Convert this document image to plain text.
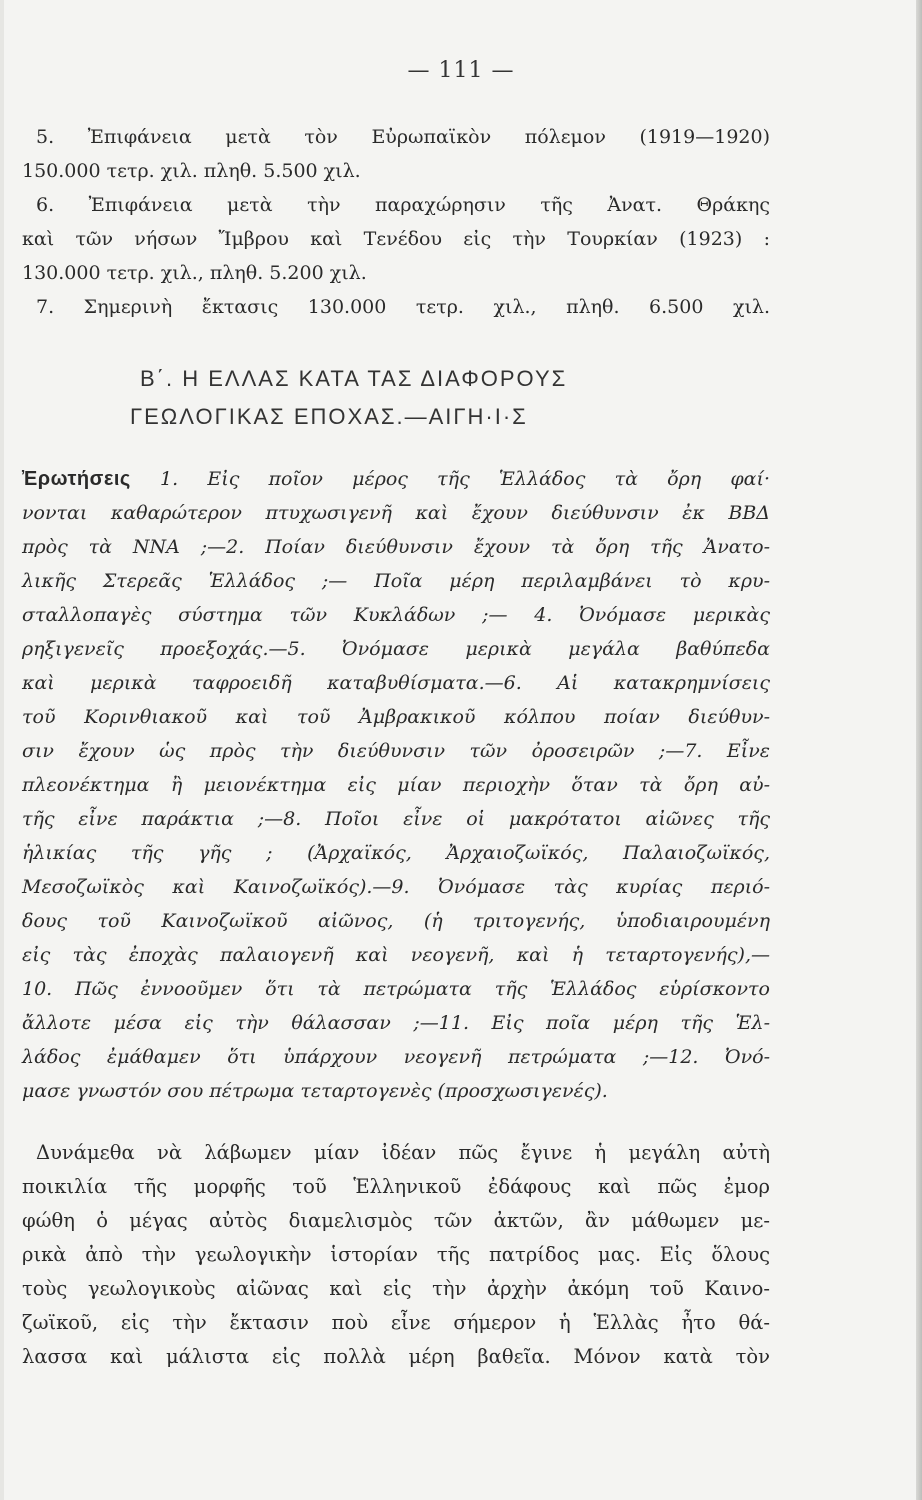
— 111 —
5. Ἐπιφάνεια μετὰ τὸν Εὐρωπαϊκὸν πόλεμον (1919—1920)
150.000 τετρ. χιλ. πληθ. 5.500 χιλ.
6. Ἐπιφάνεια μετὰ τὴν παραχώρησιν τῆς Ἀνατ. Θράκης
καὶ τῶν νήσων Ἴμβρου καὶ Τενέδου εἰς τὴν Τουρκίαν (1923) :
130.000 τετρ. χιλ., πληθ. 5.200 χιλ.
7. Σημερινὴ ἔκτασις 130.000 τετρ. χιλ., πληθ. 6.500 χιλ.
Β΄. Η ΕΛΛΑΣ ΚΑΤΑ ΤΑΣ ΔΙΑΦΟΡΟΥΣ
ΓΕΩΛΟΓΙΚΑΣ ΕΠΟΧΑΣ.—ΑΙΓΗ·Ι·Σ
Ἐρωτήσεις 1. Εἰς ποῖον μέρος τῆς Ἑλλάδος τὰ ὄρη φαί·
νονται καθαρώτερον πτυχωσιγενῆ καὶ ἔχουν διεύθυνσιν ἐκ ΒΒΔ
πρὸς τὰ ΝΝΑ ;—2. Ποίαν διεύθυνσιν ἔχουν τὰ ὄρη τῆς Ἀνατο-
λικῆς Στερεᾶς Ἑλλάδος ;— Ποῖα μέρη περιλαμβάνει τὸ κρυ-
σταλλοπαγὲς σύστημα τῶν Κυκλάδων ;— 4. Ὀνόμασε μερικὰς
ρηξιγενεῖς προεξοχάς.—5. Ὀνόμασε μερικὰ μεγάλα βαθύπεδα
καὶ μερικὰ ταφροειδῆ καταβυθίσματα.—6. Αἱ κατακρημνίσεις
τοῦ Κορινθιακοῦ καὶ τοῦ Ἀμβρακικοῦ κόλπου ποίαν διεύθυν-
σιν ἔχουν ὡς πρὸς τὴν διεύθυνσιν τῶν ὀροσειρῶν ;—7. Εἶνε
πλεονέκτημα ἢ μειονέκτημα εἰς μίαν περιοχὴν ὅταν τὰ ὄρη αὐ-
τῆς εἶνε παράκτια ;—8. Ποῖοι εἶνε οἱ μακρότατοι αἰῶνες τῆς
ἡλικίας τῆς γῆς ; (Ἀρχαϊκός, Ἀρχαιοζωϊκός, Παλαιοζωϊκός,
Μεσοζωϊκὸς καὶ Καινοζωϊκός).—9. Ὀνόμασε τὰς κυρίας περιό-
δους τοῦ Καινοζωϊκοῦ αἰῶνος, (ἡ τριτογενής, ὑποδιαιρουμένη
εἰς τὰς ἐποχὰς παλαιογενῆ καὶ νεογενῆ, καὶ ἡ τεταρτογενής),—
10. Πῶς ἐννοοῦμεν ὅτι τὰ πετρώματα τῆς Ἑλλάδος εὑρίσκοντο
ἄλλοτε μέσα εἰς τὴν θάλασσαν ;—11. Εἰς ποῖα μέρη τῆς Ἑλ-
λάδος ἐμάθαμεν ὅτι ὑπάρχουν νεογενῆ πετρώματα ;—12. Ὀνό-
μασε γνωστόν σου πέτρωμα τεταρτογενὲς (προσχωσιγενές).
Δυνάμεθα νὰ λάβωμεν μίαν ἰδέαν πῶς ἔγινε ἡ μεγάλη αὐτὴ
ποικιλία τῆς μορφῆς τοῦ Ἑλληνικοῦ ἐδάφους καὶ πῶς ἐμορ
φώθη ὁ μέγας αὐτὸς διαμελισμὸς τῶν ἀκτῶν, ἂν μάθωμεν με-
ρικὰ ἀπὸ τὴν γεωλογικὴν ἱστορίαν τῆς πατρίδος μας. Εἰς ὅλους
τοὺς γεωλογικοὺς αἰῶνας καὶ εἰς τὴν ἀρχὴν ἀκόμη τοῦ Καινο-
ζωϊκοῦ, εἰς τὴν ἔκτασιν ποὺ εἶνε σήμερον ἡ Ἑλλὰς ἦτο θά-
λασσα καὶ μάλιστα εἰς πολλὰ μέρη βαθεῖα. Μόνον κατὰ τὸν
